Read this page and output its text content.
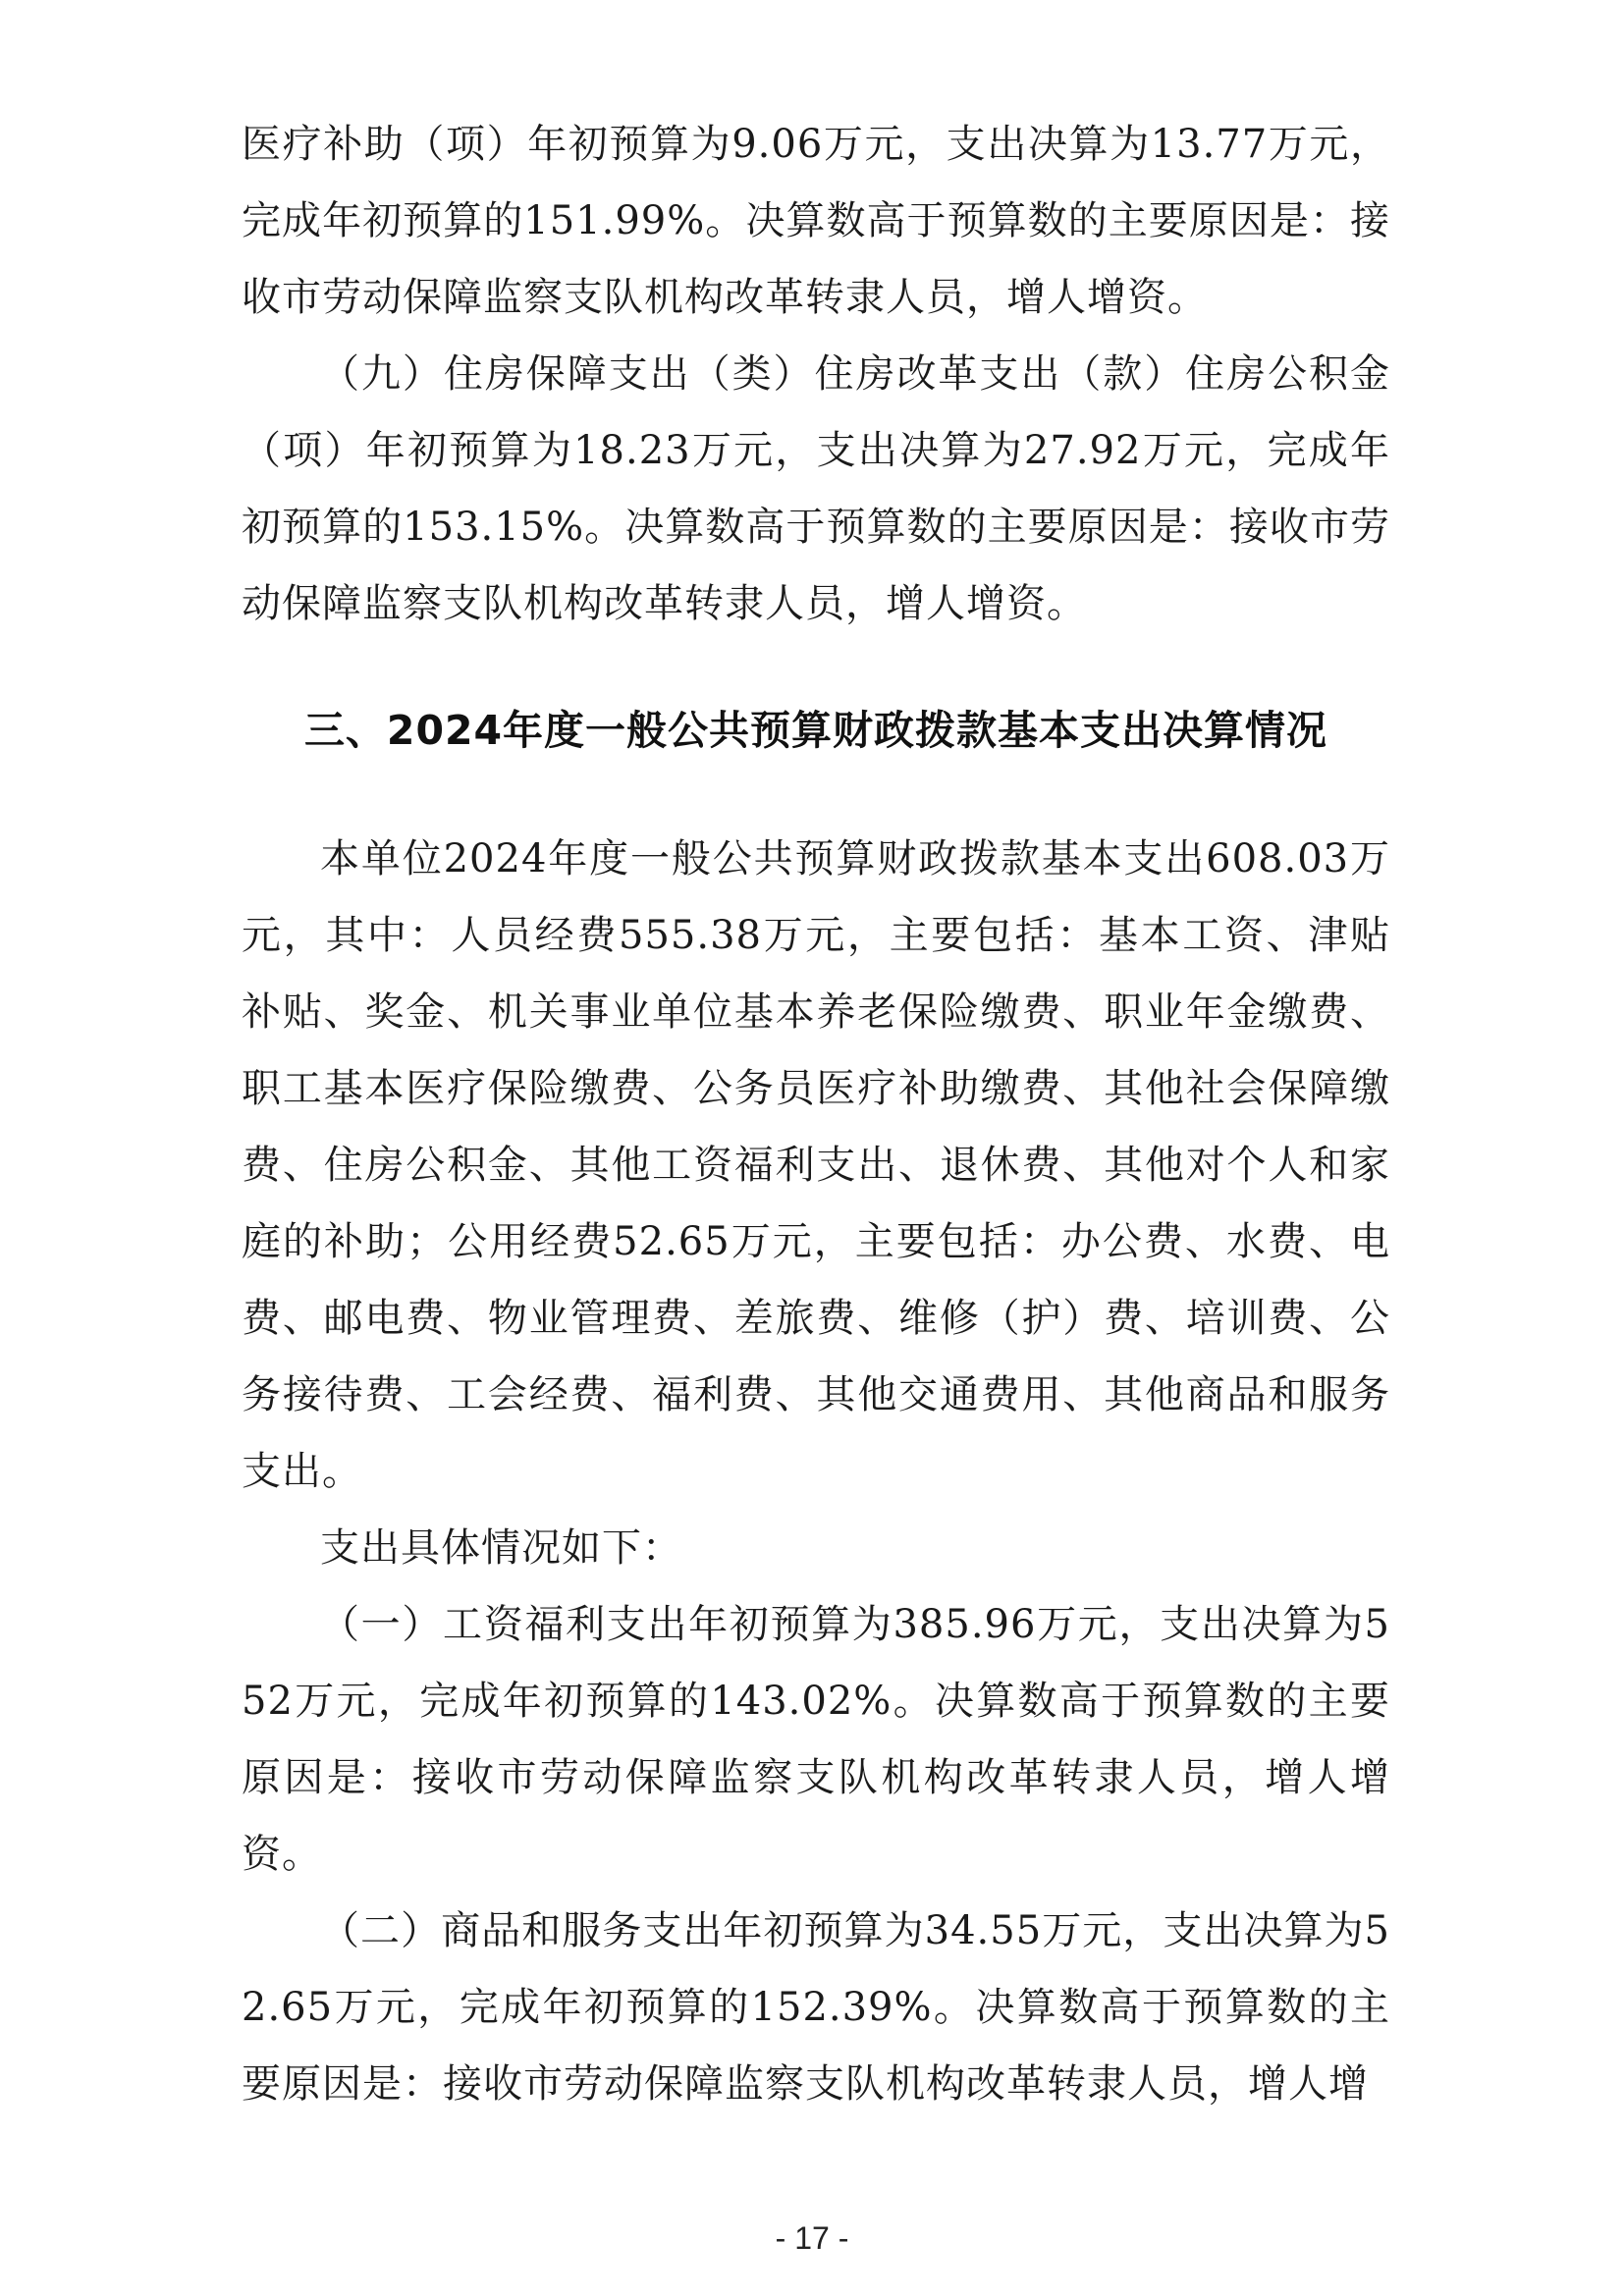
医疗补助（项）年初预算为9.06万元，支出决算为13.77万元，完成年初预算的151.99%。决算数高于预算数的主要原因是：接收市劳动保障监察支队机构改革转隶人员，增人增资。

（九）住房保障支出（类）住房改革支出（款）住房公积金（项）年初预算为18.23万元，支出决算为27.92万元，完成年初预算的153.15%。决算数高于预算数的主要原因是：接收市劳动保障监察支队机构改革转隶人员，增人增资。

三、2024年度一般公共预算财政拨款基本支出决算情况

本单位2024年度一般公共预算财政拨款基本支出608.03万元，其中：人员经费555.38万元，主要包括：基本工资、津贴补贴、奖金、机关事业单位基本养老保险缴费、职业年金缴费、职工基本医疗保险缴费、公务员医疗补助缴费、其他社会保障缴费、住房公积金、其他工资福利支出、退休费、其他对个人和家庭的补助；公用经费52.65万元，主要包括：办公费、水费、电费、邮电费、物业管理费、差旅费、维修（护）费、培训费、公务接待费、工会经费、福利费、其他交通费用、其他商品和服务支出。

支出具体情况如下：

（一）工资福利支出年初预算为385.96万元，支出决算为552万元，完成年初预算的143.02%。决算数高于预算数的主要原因是：接收市劳动保障监察支队机构改革转隶人员，增人增资。

（二）商品和服务支出年初预算为34.55万元，支出决算为52.65万元，完成年初预算的152.39%。决算数高于预算数的主要原因是：接收市劳动保障监察支队机构改革转隶人员，增人增

- 17 -
